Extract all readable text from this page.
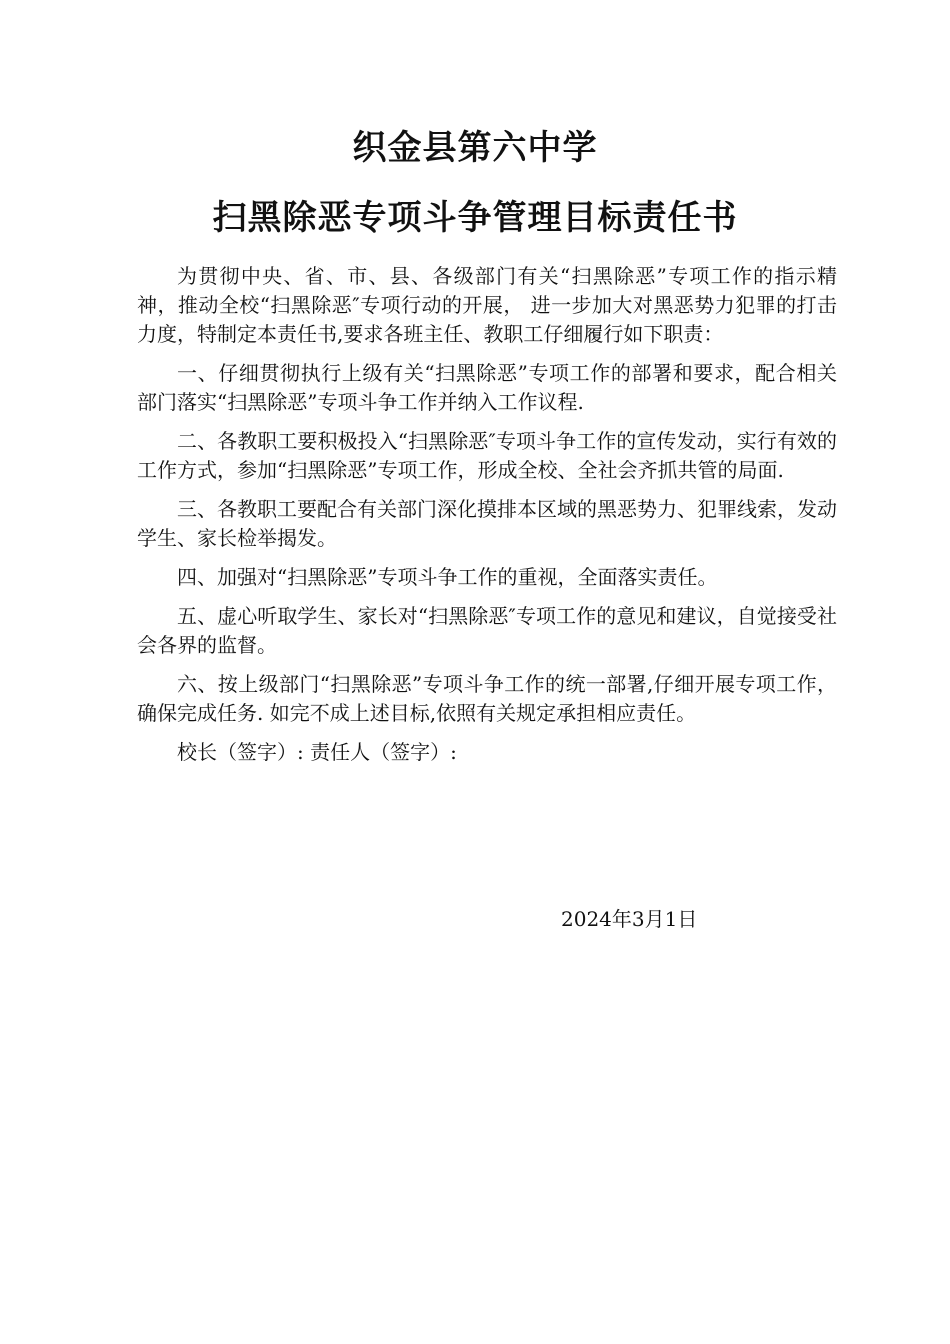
织金县第六中学
扫黑除恶专项斗争管理目标责任书

为贯彻中央、省、市、县、各级部门有关“扫黑除恶”专项工作的指示精神，推动全校“扫黑除恶″专项行动的开展， 进一步加大对黑恶势力犯罪的打击力度，特制定本责任书,要求各班主任、教职工仔细履行如下职责：

一、仔细贯彻执行上级有关“扫黑除恶”专项工作的部署和要求，配合相关部门落实“扫黑除恶”专项斗争工作并纳入工作议程.

二、各教职工要积极投入“扫黑除恶″专项斗争工作的宣传发动，实行有效的工作方式，参加“扫黑除恶”专项工作，形成全校、全社会齐抓共管的局面.

三、各教职工要配合有关部门深化摸排本区域的黑恶势力、犯罪线索，发动学生、家长检举揭发。

四、加强对“扫黑除恶”专项斗争工作的重视，全面落实责任。

五、虚心听取学生、家长对“扫黑除恶″专项工作的意见和建议，自觉接受社会各界的监督。

六、按上级部门“扫黑除恶”专项斗争工作的统一部署,仔细开展专项工作，确保完成任务. 如完不成上述目标,依照有关规定承担相应责任。

校长（签字）: 责任人（签字）:

2024年3月1日
